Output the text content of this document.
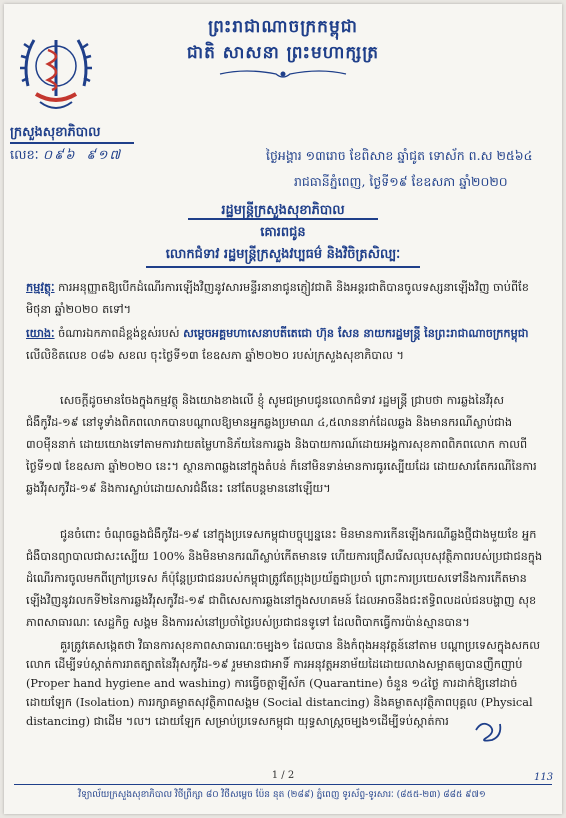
ព្រះរាជាណាចក្រកម្ពុជា
ជាតិ សាសនា ព្រះមហាក្សត្រ
ក្រសួងសុខាភិបាល
លេខៈ ០៩៦ ៩១៧	ថ្ងៃអង្គារ ១៣រោច ខែពិសាខ ឆ្នាំជូត ទោស័ក ព.ស ២៥៦៤
រាជធានីភ្នំពេញ, ថ្ងៃទី១៩ ខែឧសភា ឆ្នាំ២០២០
រដ្ឋមន្ត្រីក្រសួងសុខាភិបាល
គោរពជូន
លោកជំទាវ រដ្ឋមន្ត្រីក្រសួងវប្បធម៌ និងវិចិត្រសិល្បៈ
កម្មវត្ថុៈ ការអនុញ្ញាតឱ្យបើកដំណើរការឡើងវិញនូវសារមន្ទីរនានាជូនភ្ញៀវជាតិ និងអន្តរជាតិបានចូលទស្សនាឡើងវិញ ចាប់ពីខែមិថុនា ឆ្នាំ២០២០ តទៅ។
យោងៈ ចំណារឯកភាពដ៏ខ្ពង់ខ្ពស់របស់ សម្តេចអគ្គមហាសេនាបតីតេជោ ហ៊ុន សែន នាយករដ្ឋមន្ត្រី នៃព្រះរាជាណាចក្រកម្ពុជា លើលិខិតលេខ ០៨៦ សខល ចុះថ្ងៃទី១៣ ខែឧសភា ឆ្នាំ២០២០ របស់ក្រសួងសុខាភិបាល ។
សេចក្តីដូចមានចែងក្នុងកម្មវត្ថុ និងយោងខាងលើ ខ្ញុំ សូមជម្រាបជូនលោកជំទាវ រដ្ឋមន្ត្រី ជ្រាបថា ការឆ្លងនៃវីរុសជំងឺកូវីដ-១៩ នៅទូទាំងពិភពលោកបានបណ្តាលឱ្យមានអ្នកឆ្លងប្រមាណ ៤,៥លាននាក់ដែលឆ្លង និងមានករណីស្លាប់ជាង ៣០ម៉ឺននាក់ ដោយយោងទៅតាមការវាយតម្លៃហានិភ័យនៃការឆ្លង និងបាយការណ៍ដោយអង្គការសុខភាពពិភពលោក កាលពីថ្ងៃទី១៧ ខែឧសភា ឆ្នាំ២០២០ នេះ។ ស្ថានភាពឆ្លងនៅក្នុងតំបន់ ក៏នៅមិនទាន់មានការធូរស្បើយដែរ ដោយសារតែករណីនៃការឆ្លងវីរុសកូវីដ-១៩ និងការស្លាប់ដោយសារជំងឺនេះ នៅតែបន្តមាននៅឡើយ។
ជូនចំពោះ ចំណុចឆ្លងជំងឺកូវីដ-១៩ នៅក្នុងប្រទេសកម្ពុជាបច្ចុប្បន្ននេះ មិនមានការកើនឡើងករណីឆ្លងថ្មីជាងមួយខែ អ្នកជំងឺបានព្យាបាលជាសះស្បើយ 100% និងមិនមានករណីស្លាប់កើតមានទេ ហើយការជ្រើសរើសលុបសុវត្ថិភាពរបស់ប្រជាជនក្នុងដំណើរការចូលមកពីក្រៅប្រទេស ក៏ប៉ុន្តែប្រជាជនរបស់កម្ពុជាត្រូវតែប្រុងប្រយ័ត្នជាប្រចាំ ព្រោះការប្រយេសទៅនឹងការកើតមានឡើងវិញនូវរលកទី២នៃការឆ្លងវីរុសកូវីដ-១៩ ជាពិសេសការឆ្លងនៅក្នុងសហគមន៍ ដែលអាចនឹងជះឥទ្ធិពលដល់ជនបង្ហាញ សុខភាពសាធារណៈ សេដ្ឋកិច្ច សង្គម និងការរស់នៅប្រចាំថ្ងៃរបស់ប្រជាជនទូទៅ ដែលពិបាកធ្វើការប៉ាន់ស្មានបាន។
គួរត្រូវគេសង្កេតថា វិធានការសុខភាពសាធារណៈចម្បង១ ដែលបាន និងកំពុងអនុវត្តន៍នៅតាម បណ្តាប្រទេសក្នុងសកលលោក ដើម្បីទប់ស្កាត់ការរាតត្បាតនៃវីរុសកូវីដ-១៩ រួមមានជាអាទិ៍ ការអនុវត្តអនាម័យដៃដោយលាងសម្អាតឲ្យបានញឹកញាប់ (Proper hand hygiene and washing) ការធ្វើចត្តាឡីស័ក (Quarantine) ចំនួន ១៤ថ្ងៃ ការដាក់ឱ្យនៅដាច់ដោយឡែក (Isolation) ការរក្សាគម្លាតសុវត្ថិភាពសង្គម (Social distancing) និងគម្លាតសុវត្ថិភាពបុគ្គល (Physical distancing) ជាដើម ។ល។ ដោយឡែក សម្រាប់ប្រទេសកម្ពុជា យុទ្ធសាស្ត្រចម្បង១ដើម្បីទប់ស្កាត់ការ
1 / 2	113
វិទ្យាល័យក្រសួងសុខាភិបាល វិថីព្រឹក្សា ៨០ វិថីសម្តេច ប៉ែន នុត (២៨៩) ភ្នំពេញ ទូរស័ព្ទ-ទូរសារៈ (៨៥៥-២៣) ៨៨៥ ៩៧១
